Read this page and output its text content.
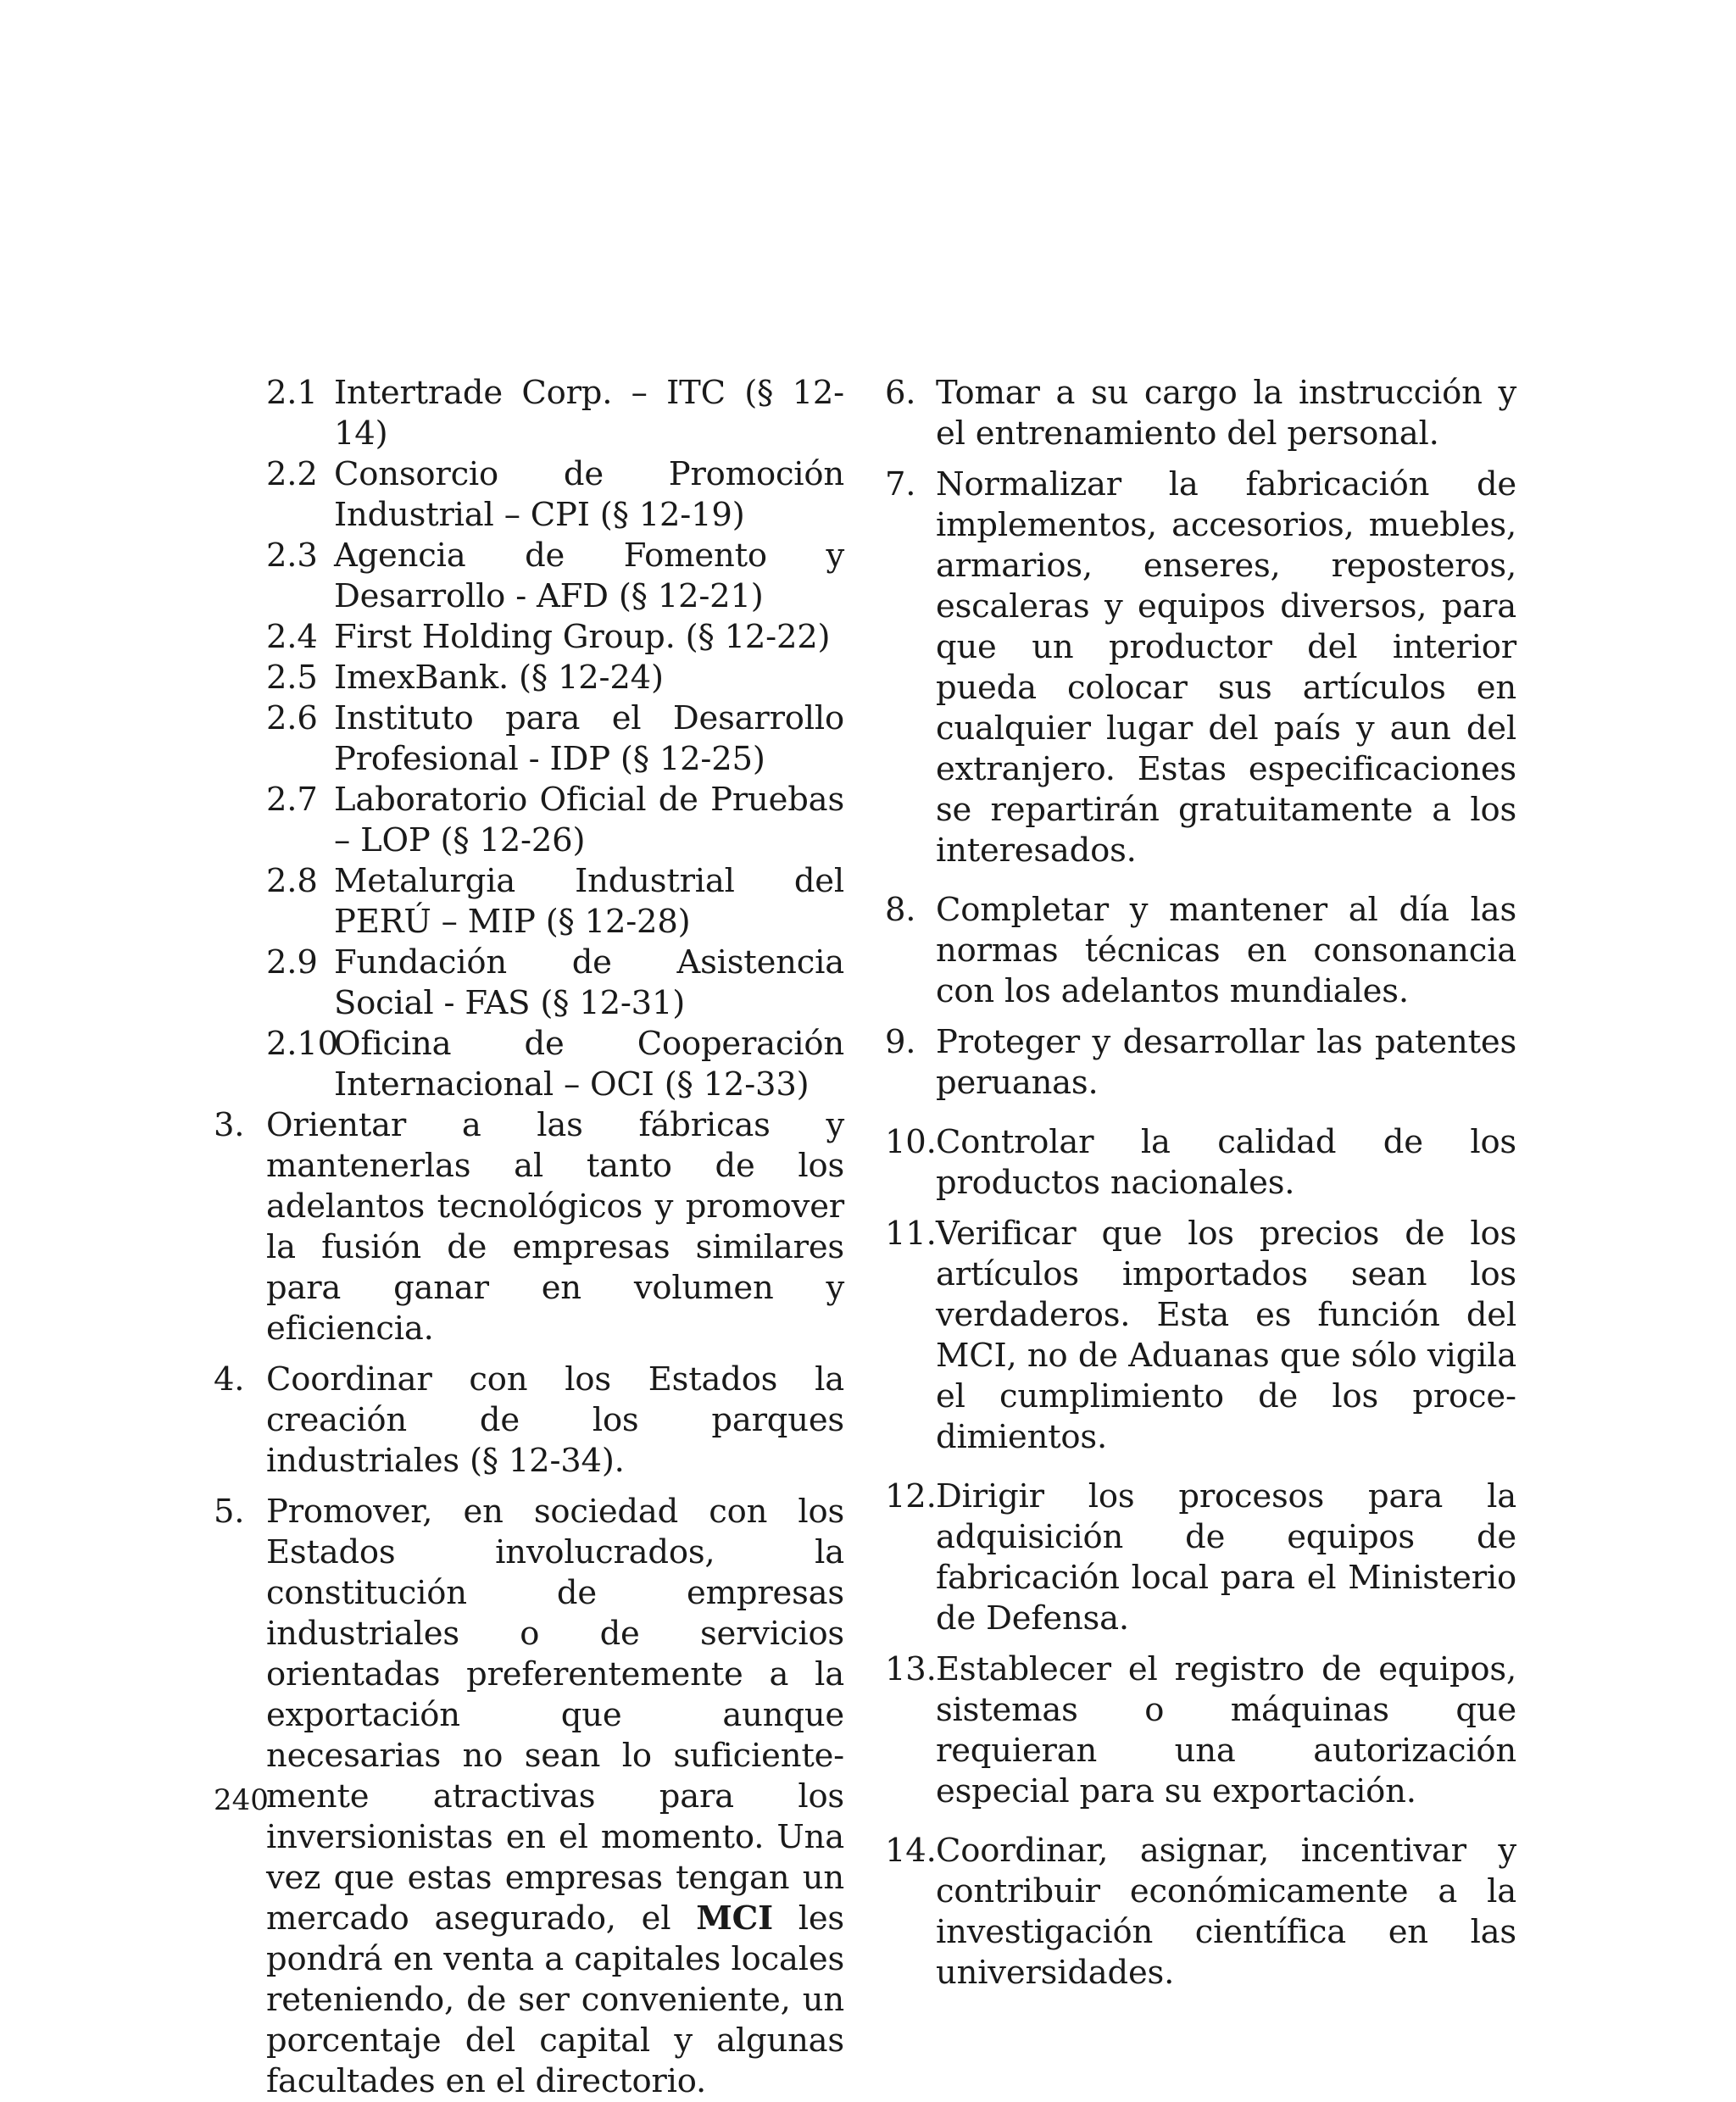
2.1 Intertrade Corp. – ITC (§ 12-14)
2.2 Consorcio de Promoción Industrial – CPI (§ 12-19)
2.3 Agencia de Fomento y Desarrollo - AFD (§ 12-21)
2.4 First Holding Group. (§ 12-22)
2.5 ImexBank. (§ 12-24)
2.6 Instituto para el Desarrollo Profesional - IDP (§ 12-25)
2.7 Laboratorio Oficial de Pruebas – LOP (§ 12-26)
2.8 Metalurgia Industrial del PERÚ – MIP (§ 12-28)
2.9 Fundación de Asistencia Social - FAS (§ 12-31)
2.10
Oficina de Cooperación Internacional – OCI (§ 12-33)
3. Orientar a las fábricas y mantenerlas al tanto de los adelantos tecnológicos y promover la fusión de empresas similares para ganar en volumen y eficiencia.
4. Coordinar con los Estados la creación de los parques industriales (§ 12-34).
5. Promover, en sociedad con los Estados involucrados, la constitución de empresas industriales o de servicios orientadas preferentemente a la exportación que aunque necesarias no sean lo suficiente-mente atractivas para los inversionistas en el momento. Una vez que estas empresas tengan un mercado asegurado, el MCI les pondrá en venta a capitales locales reteniendo, de ser conveniente, un porcentaje del capital y algunas facultades en el directorio.
6. Tomar a su cargo la instrucción y el entrenamiento del personal.
7. Normalizar la fabricación de implementos, accesorios, muebles, armarios, enseres, reposteros, escaleras y equipos diversos, para que un productor del interior pueda colocar sus artículos en cualquier lugar del país y aun del extranjero. Estas especificaciones se repartirán gratuitamente a los interesados.
8. Completar y mantener al día las normas técnicas en consonancia con los adelantos mundiales.
9. Proteger y desarrollar las patentes peruanas.
10. Controlar la calidad de los productos nacionales.
11. Verificar que los precios de los artículos importados sean los verdaderos. Esta es función del MCI, no de Aduanas que sólo vigila el cumplimiento de los procedimientos.
12. Dirigir los procesos para la adquisición de equipos de fabricación local para el Ministerio de Defensa.
13. Establecer el registro de equipos, sistemas o máquinas que requieran una autorización especial para su exportación.
14. Coordinar, asignar, incentivar y contribuir económicamente a la investigación científica en las universidades.
240
